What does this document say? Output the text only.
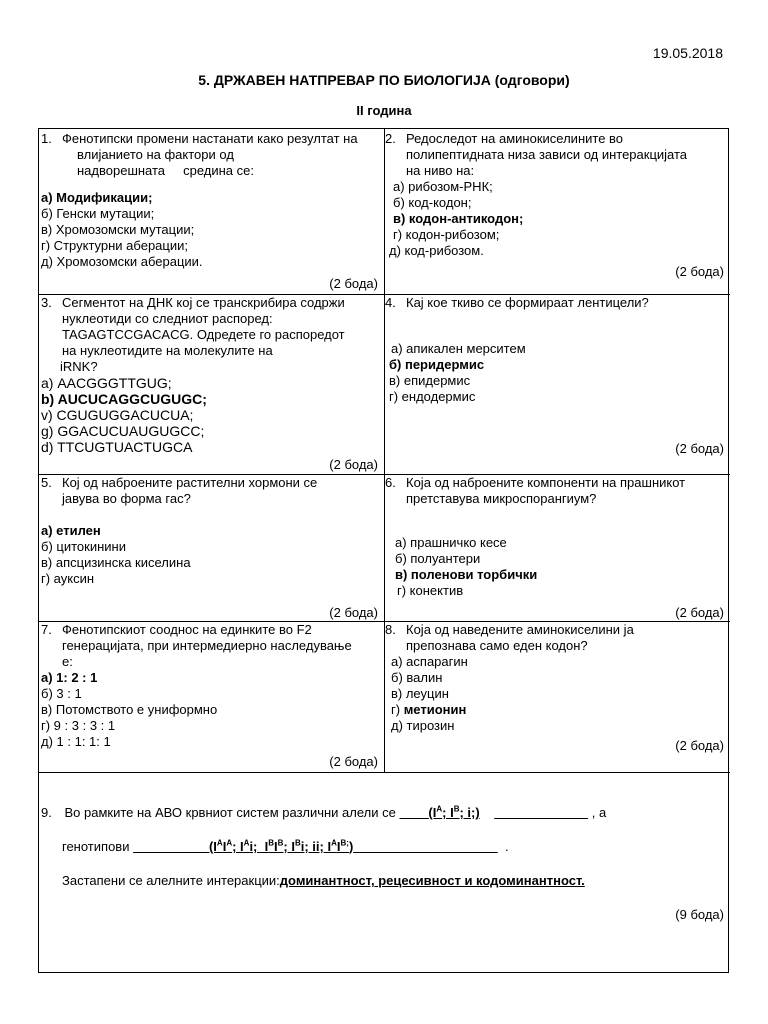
19.05.2018
5. ДРЖАВЕН НАТПРЕВАР ПО БИОЛОГИЈА (одговори)
II година
1. Фенотипски промени настанати како резултат на
влијанието на фактори од
надворешната     средина се:
а) Модификации;
б) Генски мутации;
в) Хромозомски мутации;
г) Структурни аберации;
д) Хромозомски аберации.
(2 бода)
2. Редоследот на аминокиселините во
полипептидната низа зависи од интеракцијата
на ниво на:
а) рибозом-РНК;
б) код-кодон;
в) кодон-антикодон;
г) кодон-рибозом;
д) код-рибозом.
(2 бода)
3. Сегментот на ДНК кој се транскрибира содржи
нуклеотиди со следниот распоред:
TAGAGTCCGACACG. Одредете го распоредот
на нуклеотидите на молекулите на
iRNK?
а) AACGGGTTGUG;
b) AUCUCAGGCUGUGC;
v) CGUGUGGACUCUA;
g) GGACUCUAUGUGCC;
d) TTCUGTUACTUGCA
(2 бода)
4. Кај кое ткиво се формираат лентицели?
а) апикален мерситем
б) перидермис
в) епидермис
г) ендодермис
(2 бода)
5. Кој од наброените растителни хормони се
јавува во форма гас?
а) етилен
б) цитокинини
в) апсцизинска киселина
г) ауксин
(2 бода)
6. Која од наброените компоненти на прашникот
претставува микроспорангиум?
а) прашничко кесе
б) полуантери
в) поленови торбички
г) конектив
(2 бода)
7. Фенотипскиот сооднос на единките во F2
генерацијата, при интермедиерно наследување
е:
а) 1: 2 : 1
б) 3 : 1
в) Потомството е униформно
г) 9 : 3 : 3 : 1
д) 1 : 1: 1: 1
(2 бода)
8. Која од наведените аминокиселини ја
препознава само еден кодон?
а) аспарагин
б) валин
в) леуцин
г) метионин
д) тирозин
(2 бода)
9. Во рамките на АВО крвниот систем различни алели се	($I^A$; $I^B$; i;)	, а
генотипови	($I^AI^A$; $I^Ai$;  $I^BI^B$; $I^Bi$; ii; $I^AI^{B;}$)	.
Застапени се алелните интеракции:доминантност, рецесивност и кодоминантност.
(9 бода)
